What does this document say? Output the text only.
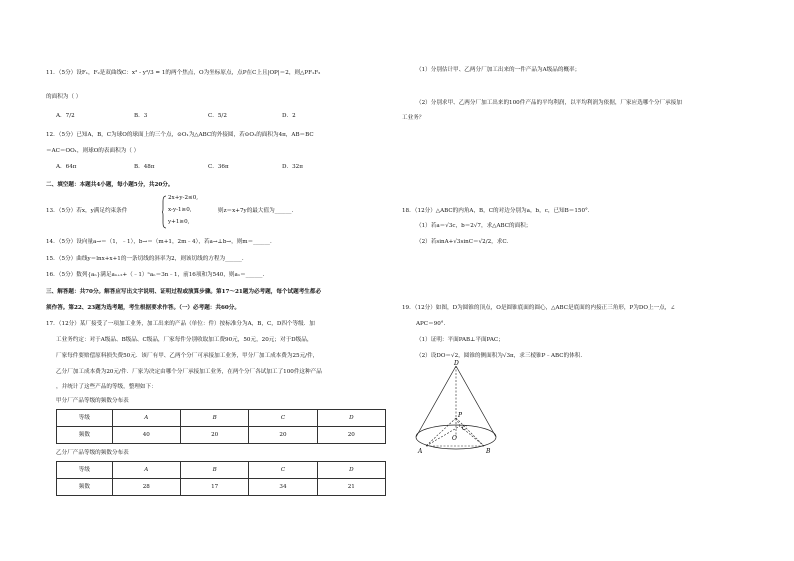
11．（5分）设F₁，F₂是双曲线C：x² - y²/3 = 1的两个焦点，O为坐标原点，点P在C上且|OP|＝2，则△PF₁F₂
的面积为（ ）
A．7/2	B．3	C．5/2	D．2
12．（5分）已知A，B，C为球O的球面上的三个点，⊙O₁为△ABC的外接圆，若⊙O₁的面积为4π，AB＝BC
＝AC＝OO₁，则球O的表面积为（ ）
A．64π	B．48π	C．36π	D．32π
二、填空题：本题共4小题，每小题5分，共20分。
13．（5分）若x，y满足约束条件
2x+y-2≤0,
x-y-1≥0,
y+1≥0,
则z＝x+7y的最大值为______.
14．（5分）设向量a→＝（1，﹣1），b→＝（m+1，2m﹣4），若a→⊥b→，则m＝______.
15．（5分）曲线y＝lnx+x+1的一条切线的斜率为2，则该切线的方程为______.
16．（5分）数列{aₙ}满足aₙ₊₂+（﹣1）ⁿaₙ＝3n﹣1，前16项和为540，则a₁＝______.
三、解答题：共70分。解答应写出文字说明、证明过程或演算步骤。第17～21题为必考题，每个试题考生都必
须作答。第22、23题为选考题，考生根据要求作答。（一）必考题：共60分。
17．（12分）某厂接受了一项加工业务，加工出来的产品（单位：件）按标准分为A，B，C，D四个等级．加
工业务约定：对于A级品、B级品、C级品，厂家每件分别收取加工费90元，50元，20元；对于D级品，
厂家每件要赔偿原料损失费50元．该厂有甲、乙两个分厂可承接加工业务，甲分厂加工成本费为25元/件，
乙分厂加工成本费为20元/件．厂家为决定由哪个分厂承接加工业务，在两个分厂各试加工了100件这种产品
，并统计了这些产品的等级，整理如下：
甲分厂产品等级的频数分布表
等级	A	B	C	D
频数	40	20	20	20
乙分厂产品等级的频数分布表
等级	A	B	C	D
频数	28	17	34	21
（1）分别估计甲、乙两分厂加工出来的一件产品为A级品的概率；
（2）分别求甲、乙两分厂加工出来的100件产品的平均利润，以平均利润为依据，厂家应选哪个分厂承接加
工业务？
18．（12分）△ABC的内角A，B，C的对边分别为a，b，c，已知B＝150°．
（1）若a＝√3c，b＝2√7，求△ABC的面积；
（2）若sinA+√3sinC＝√2/2，求C.
19．（12分）如图，D为圆锥的顶点，O是圆锥底面的圆心，△ABC是底面的内接正三角形，P为DO上一点，∠
APC＝90°．
（1）证明：平面PAB⊥平面PAC；
（2）设DO＝√2，圆锥的侧面积为√3π，求三棱锥P﹣ABC的体积.
D
P
O
C
A	B
